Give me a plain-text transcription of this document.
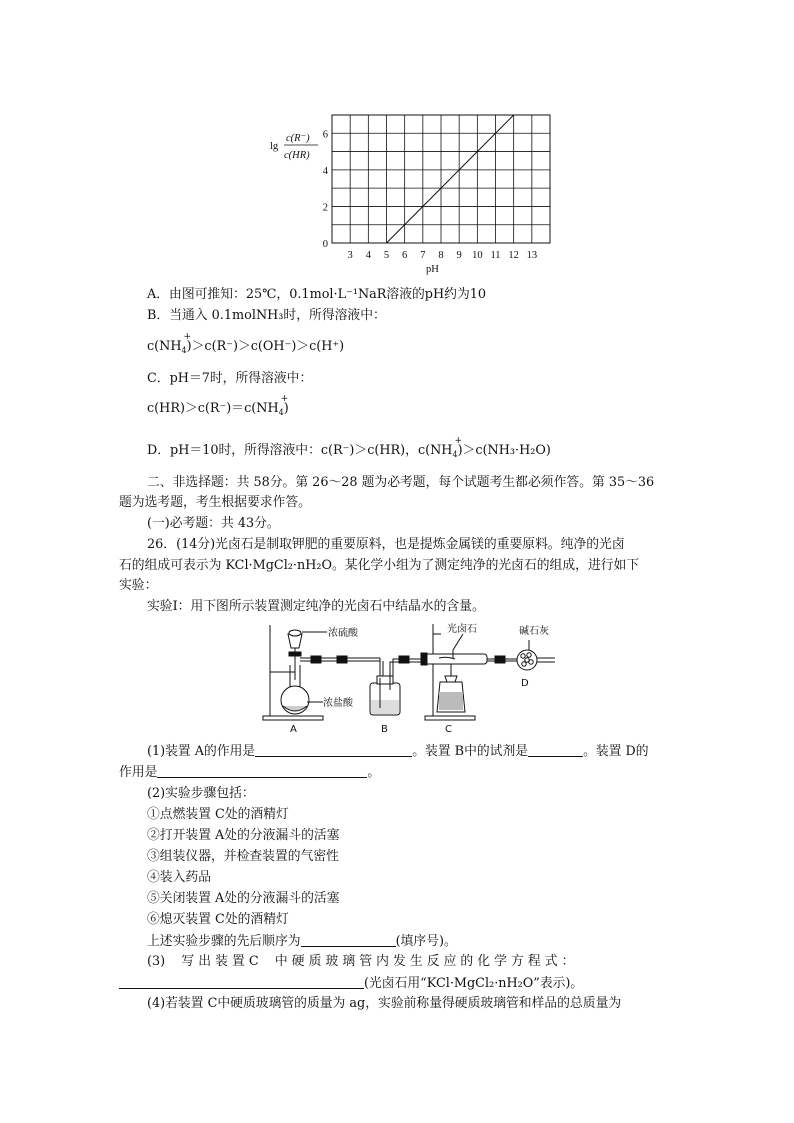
3 4 5 6 7 8 9 10 11 12 13
0
2
4
6
lg
c(R⁻)
c(HR)
pH
A．由图可推知：25℃，0.1mol·L⁻¹NaR溶液的pH约为10
B．当通入 0.1molNH₃时，所得溶液中：
c(NH
+
$_4$)＞c(R⁻)＞c(OH⁻)＞c(H⁺)
C．pH＝7时，所得溶液中：
c(HR)＞c(R⁻)＝c(NH
+
$_4$)
D．pH＝10时，所得溶液中：c(R⁻)＞c(HR)，c(NH
+
$_4$)＞c(NH₃·H₂O)
二、非选择题：共 58分。第 26～28 题为必考题，每个试题考生都必须作答。第 35～36
题为选考题，考生根据要求作答。
(一)必考题：共 43分。
26．(14分)光卤石是制取钾肥的重要原料，也是提炼金属镁的重要原料。纯净的光卤
石的组成可表示为 KCl·MgCl₂·nH₂O。某化学小组为了测定纯净的光卤石的组成，进行如下
实验：
实验Ⅰ：用下图所示装置测定纯净的光卤石中结晶水的含量。
浓硫酸
浓盐酸
光卤石	碱石灰
A	B	C
D
(1)装置 A的作用是	。装置 B中的试剂是	。装置 D的
作用是	。
(2)实验步骤包括：
①点燃装置 C处的酒精灯
②打开装置 A处的分液漏斗的活塞
③组装仪器，并检查装置的气密性
④装入药品
⑤关闭装置 A处的分液漏斗的活塞
⑥熄灭装置 C处的酒精灯
上述实验步骤的先后顺序为	(填序号)。
(3)    写 出 装 置 C    中 硬 质 玻 璃 管 内 发 生 反 应 的 化 学 方 程 式 ：
(光卤石用“KCl·MgCl₂·nH₂O”表示)。
(4)若装置 C中硬质玻璃管的质量为 ag，实验前称量得硬质玻璃管和样品的总质量为
